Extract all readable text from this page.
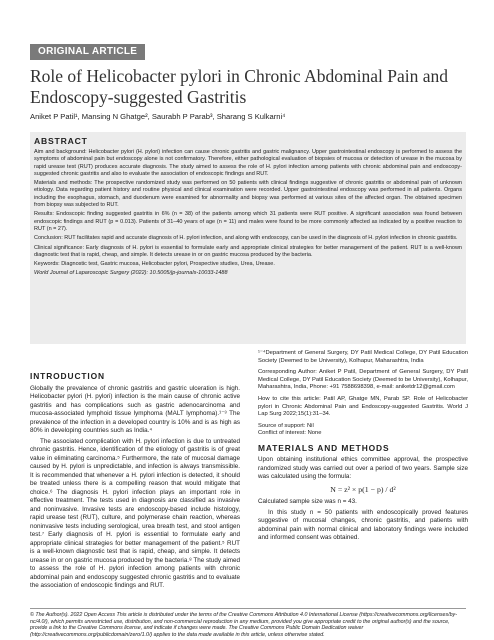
ORIGINAL ARTICLE
Role of Helicobacter pylori in Chronic Abdominal Pain and Endoscopy-suggested Gastritis
Aniket P Patil¹, Mansing N Ghatge², Saurabh P Parab³, Sharang S Kulkarni⁴
ABSTRACT

Aim and background: Helicobacter pylori (H. pylori) infection can cause chronic gastritis and gastric malignancy. Upper gastrointestinal endoscopy is performed to assess the symptoms of abdominal pain but endoscopy alone is not confirmatory. Therefore, either pathological evaluation of biopsies of mucosa or detection of urease in the mucosa by rapid urease test (RUT) produces accurate diagnosis. The study aimed to assess the role of H. pylori infection among patients with chronic abdominal pain and endoscopy-suggested chronic gastritis and also to evaluate the association of endoscopic findings and RUT.

Materials and methods: The prospective randomized study was performed on 50 patients with clinical findings suggestive of chronic gastritis or abdominal pain of unknown etiology. Data regarding patient history and routine physical and clinical examination were recorded. Upper gastrointestinal endoscopy was performed in all patients. Organs including the esophagus, stomach, and duodenum were examined for abnormality and biopsy was performed at various sites of the affected organ. The obtained specimen from biopsy was subjected to RUT.

Results: Endoscopic finding suggested gastritis in 6% (n = 38) of the patients among which 31 patients were RUT positive. A significant association was found between endoscopic findings and RUT (p = 0.013). Patients of 31–40 years of age (n = 11) and males were found to be more commonly affected as indicated by a positive reaction to RUT (n = 27).

Conclusion: RUT facilitates rapid and accurate diagnosis of H. pylori infection, and along with endoscopy, can be used in the diagnosis of H. pylori infection in chronic gastritis.

Clinical significance: Early diagnosis of H. pylori is essential to formulate early and appropriate clinical strategies for better management of the patient. RUT is a well-known diagnostic test that is rapid, cheap, and simple. It detects urease in or on gastric mucosa produced by the bacteria.

Keywords: Diagnostic test, Gastric mucosa, Helicobacter pylori, Prospective studies, Urea, Urease.

World Journal of Laparoscopic Surgery (2022): 10.5005/jp-journals-10033-1488

INTRODUCTION

Globally the prevalence of chronic gastritis and gastric ulceration is high. Helicobacter pylori (H. pylori) infection is the main cause of chronic active gastritis and has complications such as gastric adenocarcinoma and mucosa-associated lymphoid tissue lymphoma (MALT lymphoma).¹⁻³ The prevalence of the infection in a developed country is 10% and is as high as 80% in developing countries such as India.⁴

The associated complication with H. pylori infection is due to untreated chronic gastritis. Hence, identification of the etiology of gastritis is of great value in eliminating carcinoma.⁵ Furthermore, the rate of mucosal damage caused by H. pylori is unpredictable, and infection is always transmissible. It is recommended that whenever a H. pylori infection is detected, it should be treated unless there is a compelling reason that would mitigate that choice.⁶ The diagnosis H. pylori infection plays an important role in effective treatment. The tests used in diagnosis are classified as invasive and noninvasive. Invasive tests are endoscopy-based include histology, rapid urease test (RUT), culture, and polymerase chain reaction, whereas noninvasive tests including serological, urea breath test, and stool antigen test.⁷ Early diagnosis of H. pylori is essential to formulate early and appropriate clinical strategies for better management of the patient.⁵ RUT is a well-known diagnostic test that is rapid, cheap, and simple. It detects urease in or on gastric mucosa produced by the bacteria.⁸ The study aimed to assess the role of H. pylori infection among patients with chronic abdominal pain and endoscopy suggested chronic gastritis and to evaluate the association of endoscopic findings and RUT.

¹⁻⁴Department of General Surgery, DY Patil Medical College, DY Patil Education Society (Deemed to be University), Kolhapur, Maharashtra, India

Corresponding Author: Aniket P Patil, Department of General Surgery, DY Patil Medical College, DY Patil Education Society (Deemed to be University), Kolhapur, Maharashtra, India, Phone: +91 7588698398, e-mail: aniketdr12@gmail.com

How to cite this article: Patil AP, Ghatge MN, Parab SP. Role of Helicobacter pylori in Chronic Abdominal Pain and Endoscopy-suggested Gastritis. World J Lap Surg 2022;15(1):31–34.

Source of support: Nil

Conflict of interest: None

MATERIALS AND METHODS

Upon obtaining institutional ethics committee approval, the prospective randomized study was carried out over a period of two years. Sample size was calculated using the formula:

N = z² × p(1 − p) / d²

Calculated sample size was n = 43.

In this study n = 50 patients with endoscopically proved features suggestive of mucosal changes, chronic gastritis, and patients with abdominal pain with normal clinical and laboratory findings were included and informed consent was obtained.

© The Author(s). 2022 Open Access This article is distributed under the terms of the Creative Commons Attribution 4.0 International License (https://creativecommons.org/licenses/by-nc/4.0/), which permits unrestricted use, distribution, and non-commercial reproduction in any medium, provided you give appropriate credit to the original author(s) and the source, provide a link to the Creative Commons license, and indicate if changes were made. The Creative Commons Public Domain Dedication waiver (http://creativecommons.org/publicdomain/zero/1.0/) applies to the data made available in this article, unless otherwise stated.
